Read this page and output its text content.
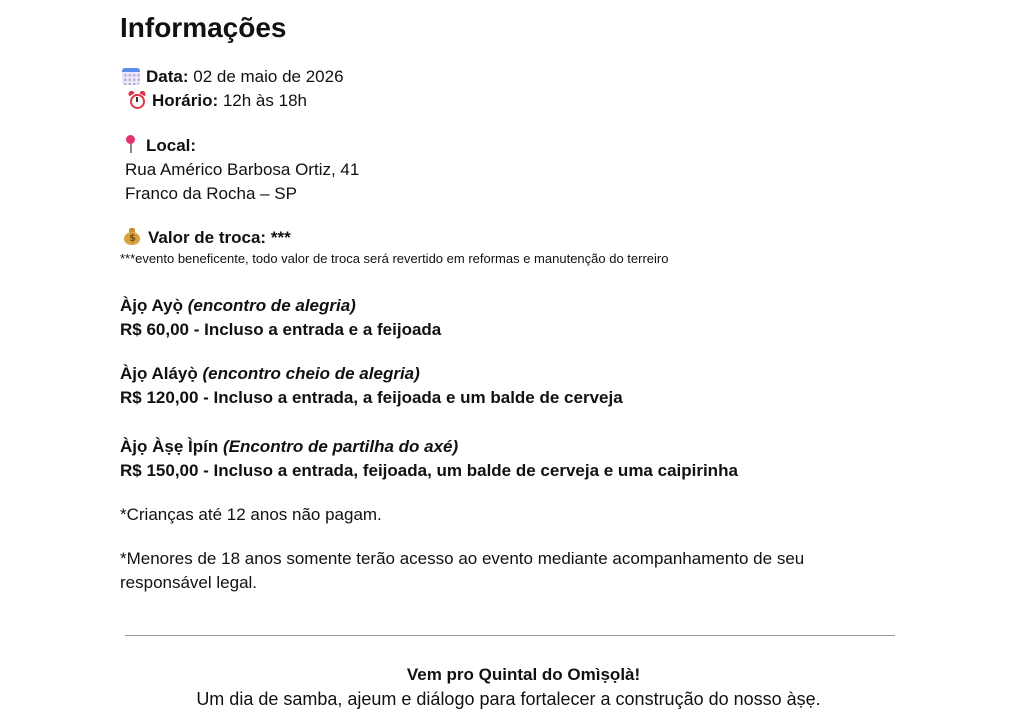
Informações
Data: 02 de maio de 2026
Horário: 12h às 18h
Local:
Rua Américo Barbosa Ortiz, 41
Franco da Rocha – SP
$ Valor de troca: ***
***evento beneficente, todo valor de troca será revertido em reformas e manutenção do terreiro
Àjọ Ayọ̀ (encontro de alegria)
R$ 60,00 - Incluso a entrada e a feijoada
Àjọ Aláyọ̀ (encontro cheio de alegria)
R$ 120,00 - Incluso a entrada, a feijoada e um balde de cerveja
Àjọ Àṣẹ Ìpín (Encontro de partilha do axé)
R$ 150,00 - Incluso a entrada, feijoada, um balde de cerveja e uma caipirinha
*Crianças até 12 anos não pagam.
*Menores de 18 anos somente terão acesso ao evento mediante acompanhamento de seu responsável legal.
Vem pro Quintal do Omìṣọlà!
Um dia de samba, ajeum e diálogo para fortalecer a construção do nosso àṣẹ.
